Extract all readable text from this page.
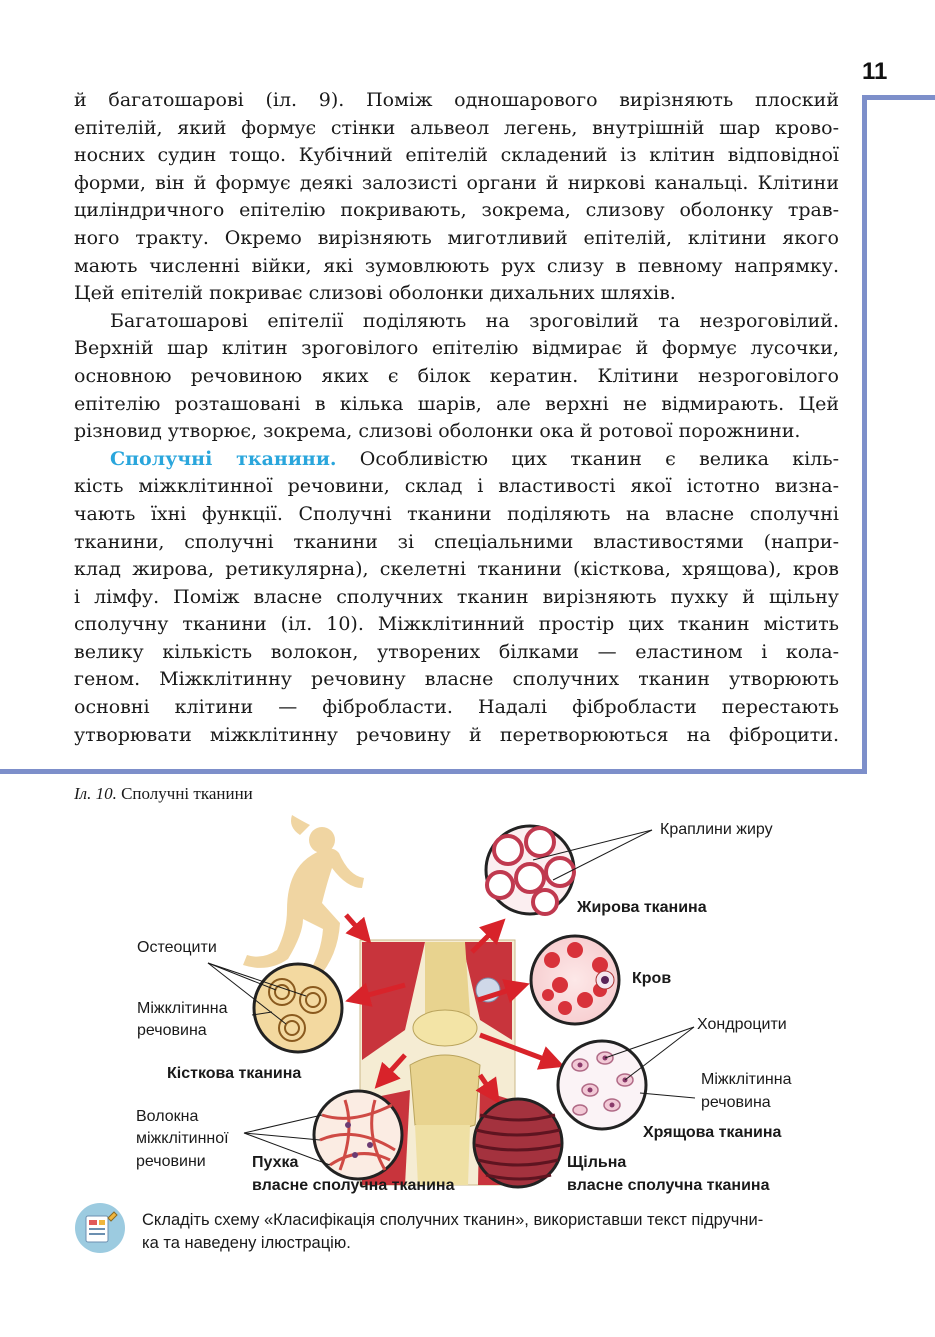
11

й багатошарові (іл. 9). Поміж одношарового вирізняють плоский

епітелій, який формує стінки альвеол легень, внутрішній шар крово-

носних судин тощо. Кубічний епітелій складений із клітин відповідної

форми, він й формує деякі залозисті органи й ниркові канальці. Клітини

циліндричного епітелію покривають, зокрема, слизову оболонку трав-

ного тракту. Окремо вирізняють миготливий епітелій, клітини якого

мають численні війки, які зумовлюють рух слизу в певному напрямку.

Цей епітелій покриває слизові оболонки дихальних шляхів.

Багатошарові епітелії поділяють на зроговілий та незроговілий.

Верхній шар клітин зроговілого епітелію відмирає й формує лусочки,

основною речовиною яких є білок кератин. Клітини незроговілого

епітелію розташовані в кілька шарів, але верхні не відмирають. Цей

різновид утворює, зокрема, слизові оболонки ока й ротової порожнини.

Сполучні тканини. Особливістю цих тканин є велика кіль-

кість міжклітинної речовини, склад і властивості якої істотно визна-

чають їхні функції. Сполучні тканини поділяють на власне сполучні

тканини, сполучні тканини зі спеціальними властивостями (напри-

клад жирова, ретикулярна), скелетні тканини (кісткова, хрящова), кров

і лімфу. Поміж власне сполучних тканин вирізняють пухку й щільну

сполучну тканини (іл. 10). Міжклітинний простір цих тканин містить

велику кількість волокон, утворених білками — еластином і кола-

геном. Міжклітинну речовину власне сполучних тканин утворюють

основні клітини — фібробласти. Надалі фібробласти перестають

утворювати міжклітинну речовину й перетворюються на фіброцити.

Іл. 10. Сполучні тканини
Краплини жиру
Жирова тканина
Остеоцити
Кров
Міжклітинна
речовина	Хондроцити
Кісткова тканина	Міжклітинна
речовина
Волокна
міжклітинної
речовини
Хрящова тканина
Пухка
власне сполучна тканина
Щільна
власне сполучна тканина
Складіть схему «Класифікація сполучних тканин», використавши текст підручни-
ка та наведену ілюстрацію.
